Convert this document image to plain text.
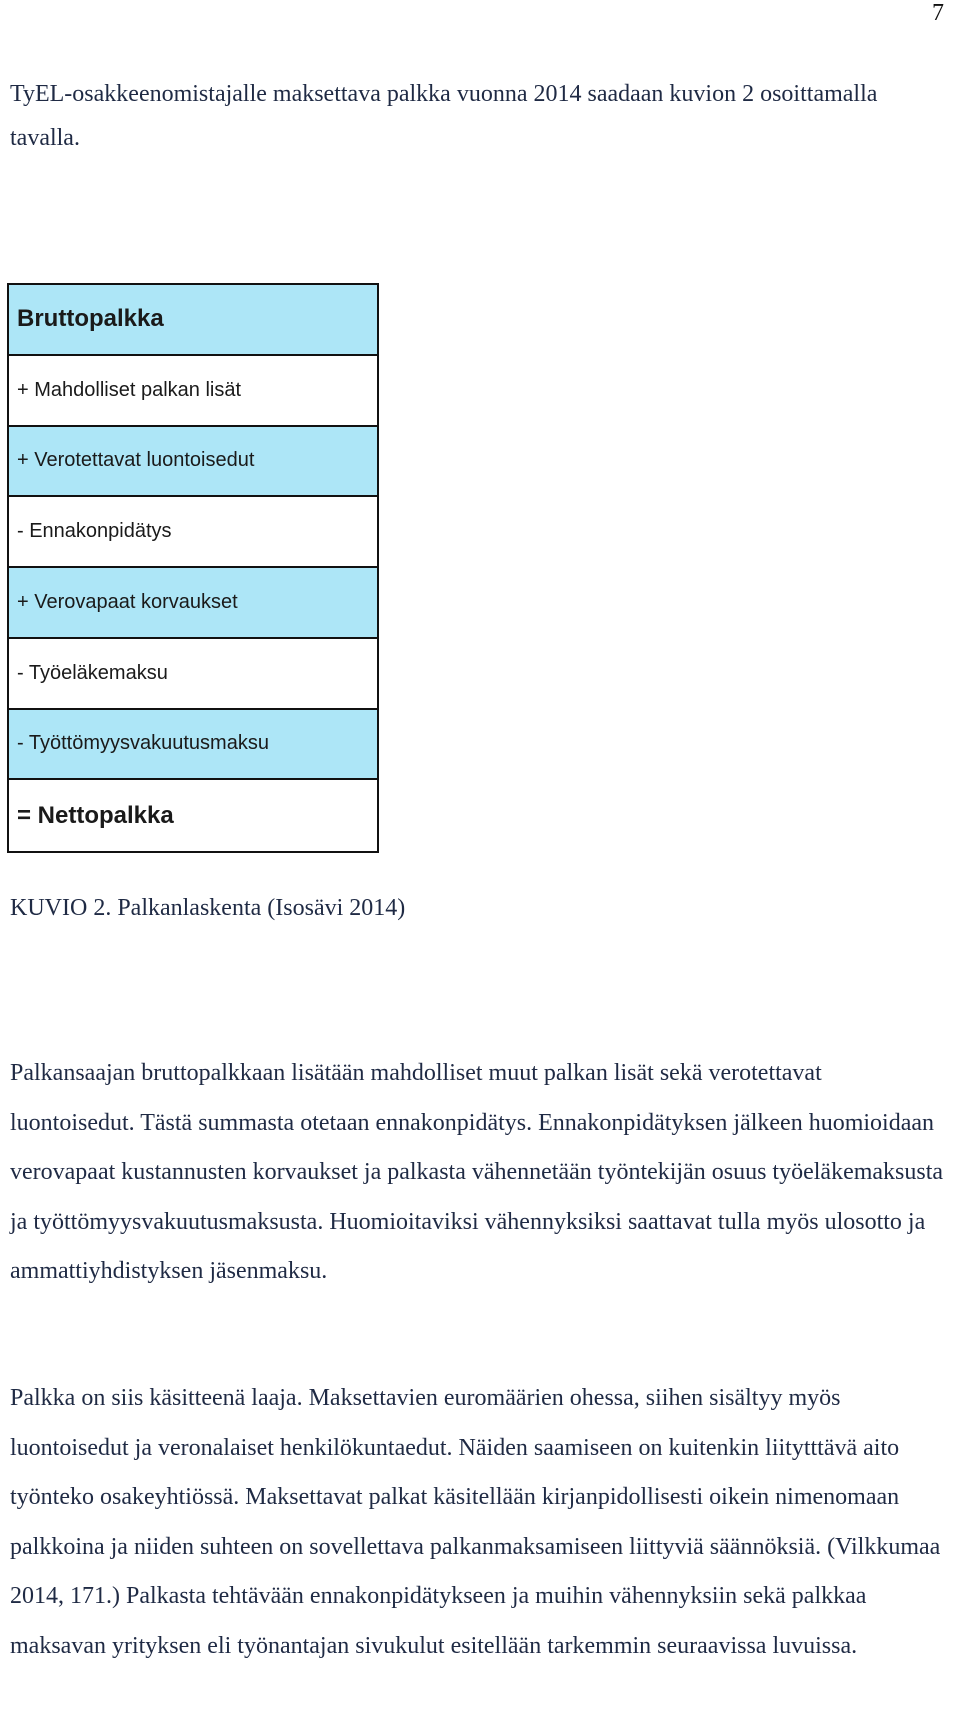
7

TyEL-osakkeenomistajalle maksettava palkka vuonna 2014 saadaan kuvion 2 osoittamalla tavalla.

Bruttopalkka
+ Mahdolliset palkan lisät
+ Verotettavat luontoisedut
- Ennakonpidätys
+ Verovapaat korvaukset
- Työeläkemaksu
- Työttömyysvakuutusmaksu
= Nettopalkka

KUVIO 2. Palkanlaskenta (Isosävi 2014)

Palkansaajan bruttopalkkaan lisätään mahdolliset muut palkan lisät sekä verotettavat luontoisedut. Tästä summasta otetaan ennakonpidätys. Ennakonpidätyksen jälkeen huomioidaan verovapaat kustannusten korvaukset ja palkasta vähennetään työntekijän osuus työeläkemaksusta ja työttömyysvakuutusmaksusta. Huomioitaviksi vähennyksiksi saattavat tulla myös ulosotto ja ammattiyhdistyksen jäsenmaksu.

Palkka on siis käsitteenä laaja. Maksettavien euromäärien ohessa, siihen sisältyy myös luontoisedut ja veronalaiset henkilökuntaedut. Näiden saamiseen on kuitenkin liitytttävä aito työnteko osakeyhtiössä. Maksettavat palkat käsitellään kirjanpidollisesti oikein nimenomaan palkkoina ja niiden suhteen on sovellettava palkanmaksamiseen liittyviä säännöksiä. (Vilkkumaa 2014, 171.) Palkasta tehtävään ennakonpidätykseen ja muihin vähennyksiin sekä palkkaa maksavan yrityksen eli työnantajan sivukulut esitellään tarkemmin seuraavissa luvuissa.
